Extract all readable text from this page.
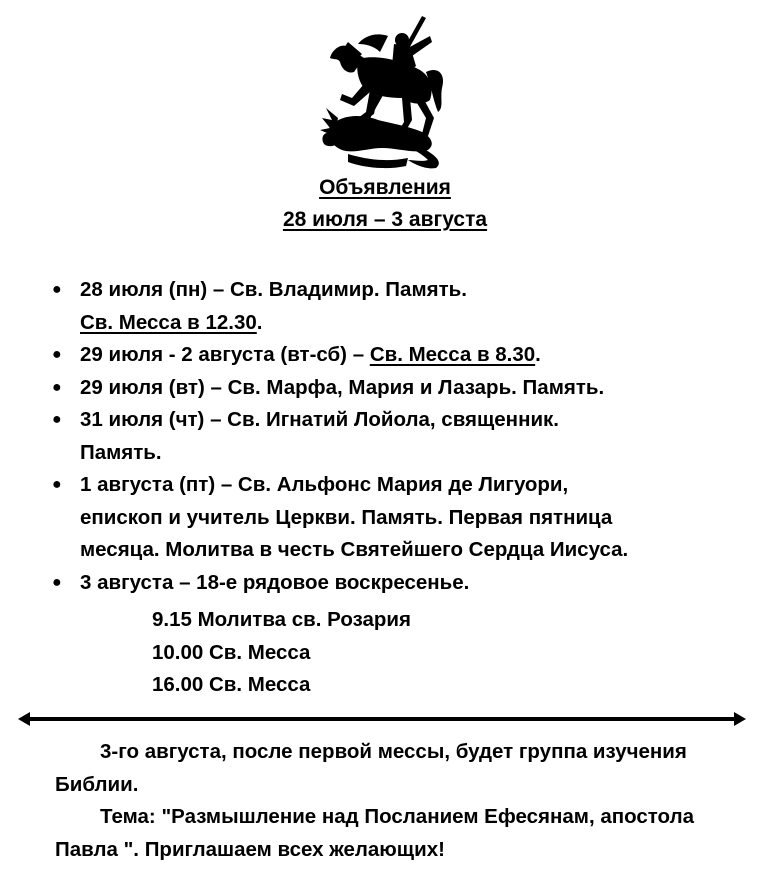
Объявления
28 июля – 3 августа
● 28 июля (пн) – Св. Владимир. Память.
Св. Месса в 12.30.
● 29 июля - 2 августа (вт-сб) – Св. Месса в 8.30.
● 29 июля (вт) – Св. Марфа, Мария и Лазарь. Память.
● 31 июля (чт) – Св. Игнатий Лойола, священник.
Память.
● 1 августа (пт) – Св. Альфонс Мария де Лигуори,
епископ и учитель Церкви. Память. Первая пятница
месяца. Молитва в честь Святейшего Сердца Иисуса.
● 3 августа – 18-е рядовое воскресенье.
9.15 Молитва св. Розария
10.00 Св. Месса
16.00 Св. Месса

3-го августа, после первой мессы, будет группа изучения Библии.

Тема: "Размышление над Посланием Ефесянам, апостола Павла ". Приглашаем всех желающих!
